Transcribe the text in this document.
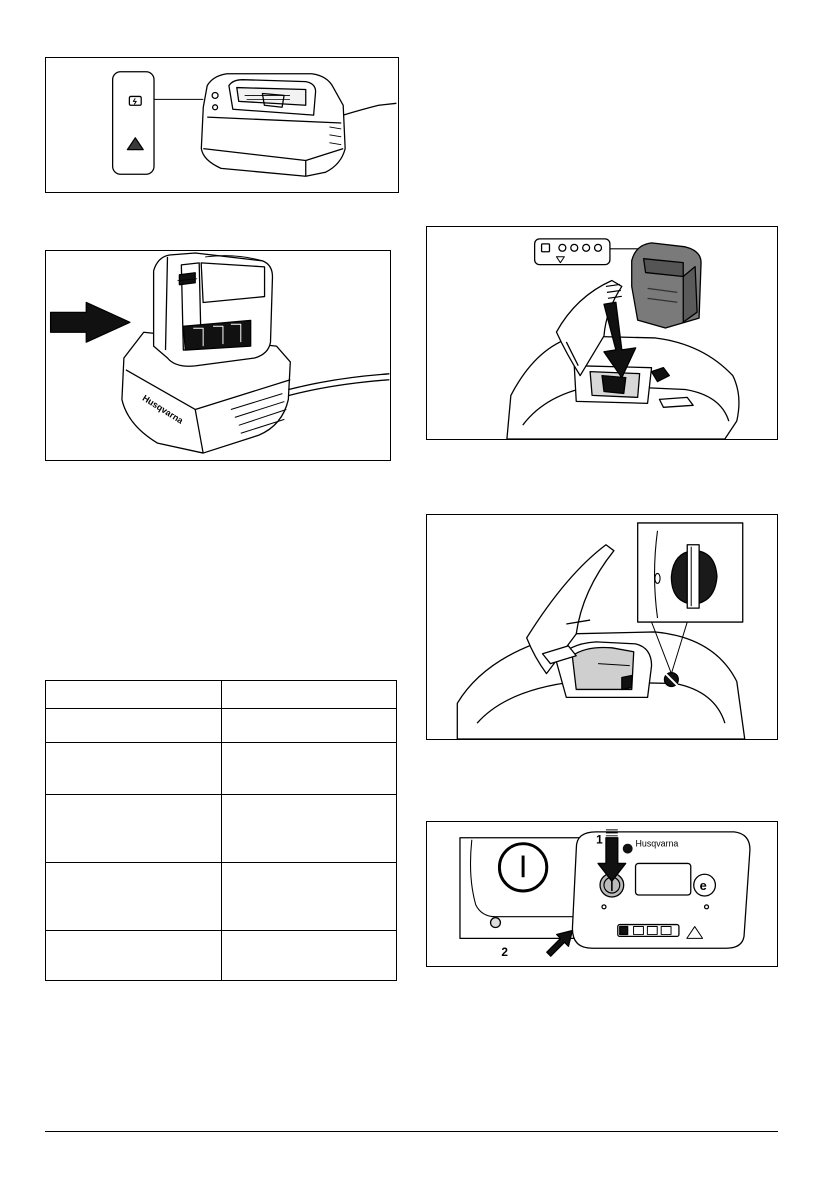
Husqvarna
e
1
2
Husqvarna
